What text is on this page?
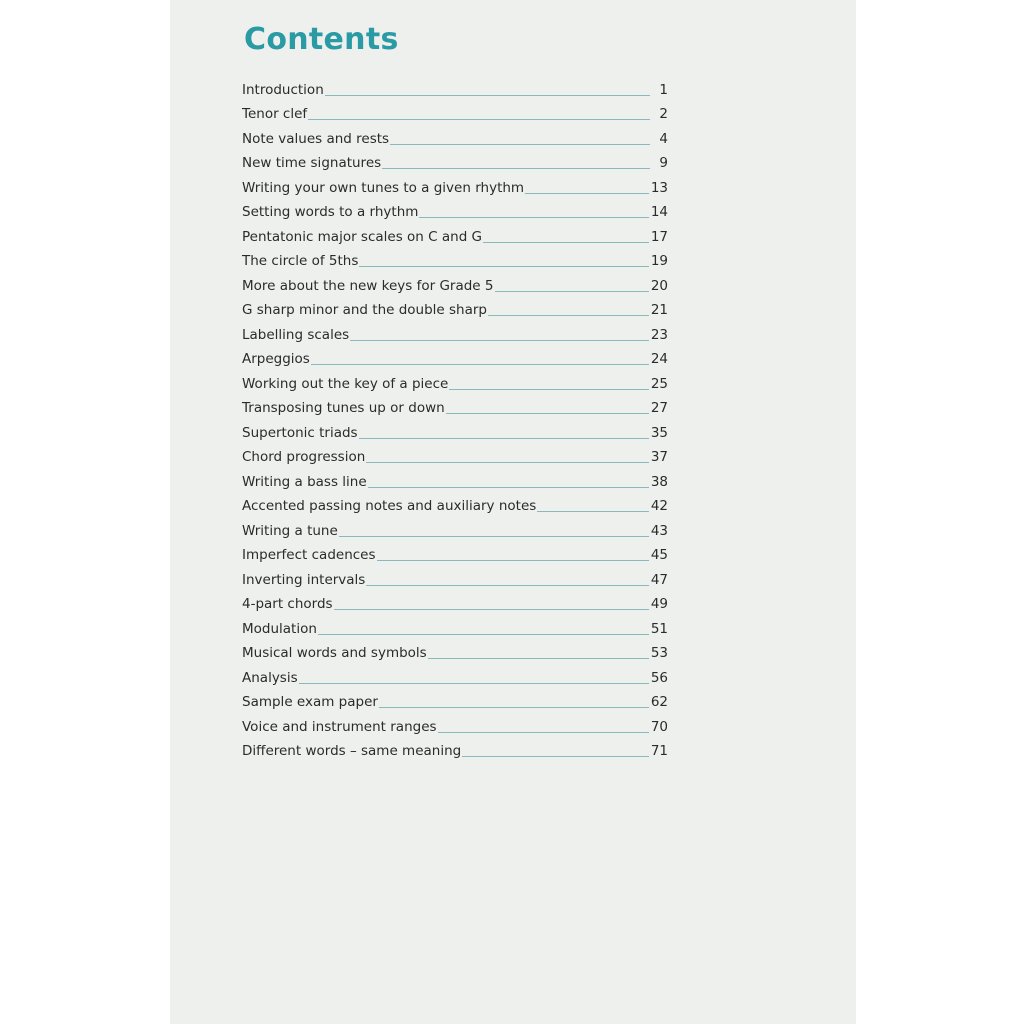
Contents
Introduction	1
Tenor clef	2
Note values and rests	4
New time signatures	9
Writing your own tunes to a given rhythm	13
Setting words to a rhythm	14
Pentatonic major scales on C and G	17
The circle of 5ths	19
More about the new keys for Grade 5	20
G sharp minor and the double sharp	21
Labelling scales	23
Arpeggios	24
Working out the key of a piece	25
Transposing tunes up or down	27
Supertonic triads	35
Chord progression	37
Writing a bass line	38
Accented passing notes and auxiliary notes	42
Writing a tune	43
Imperfect cadences	45
Inverting intervals	47
4-part chords	49
Modulation	51
Musical words and symbols	53
Analysis	56
Sample exam paper	62
Voice and instrument ranges	70
Different words – same meaning	71
